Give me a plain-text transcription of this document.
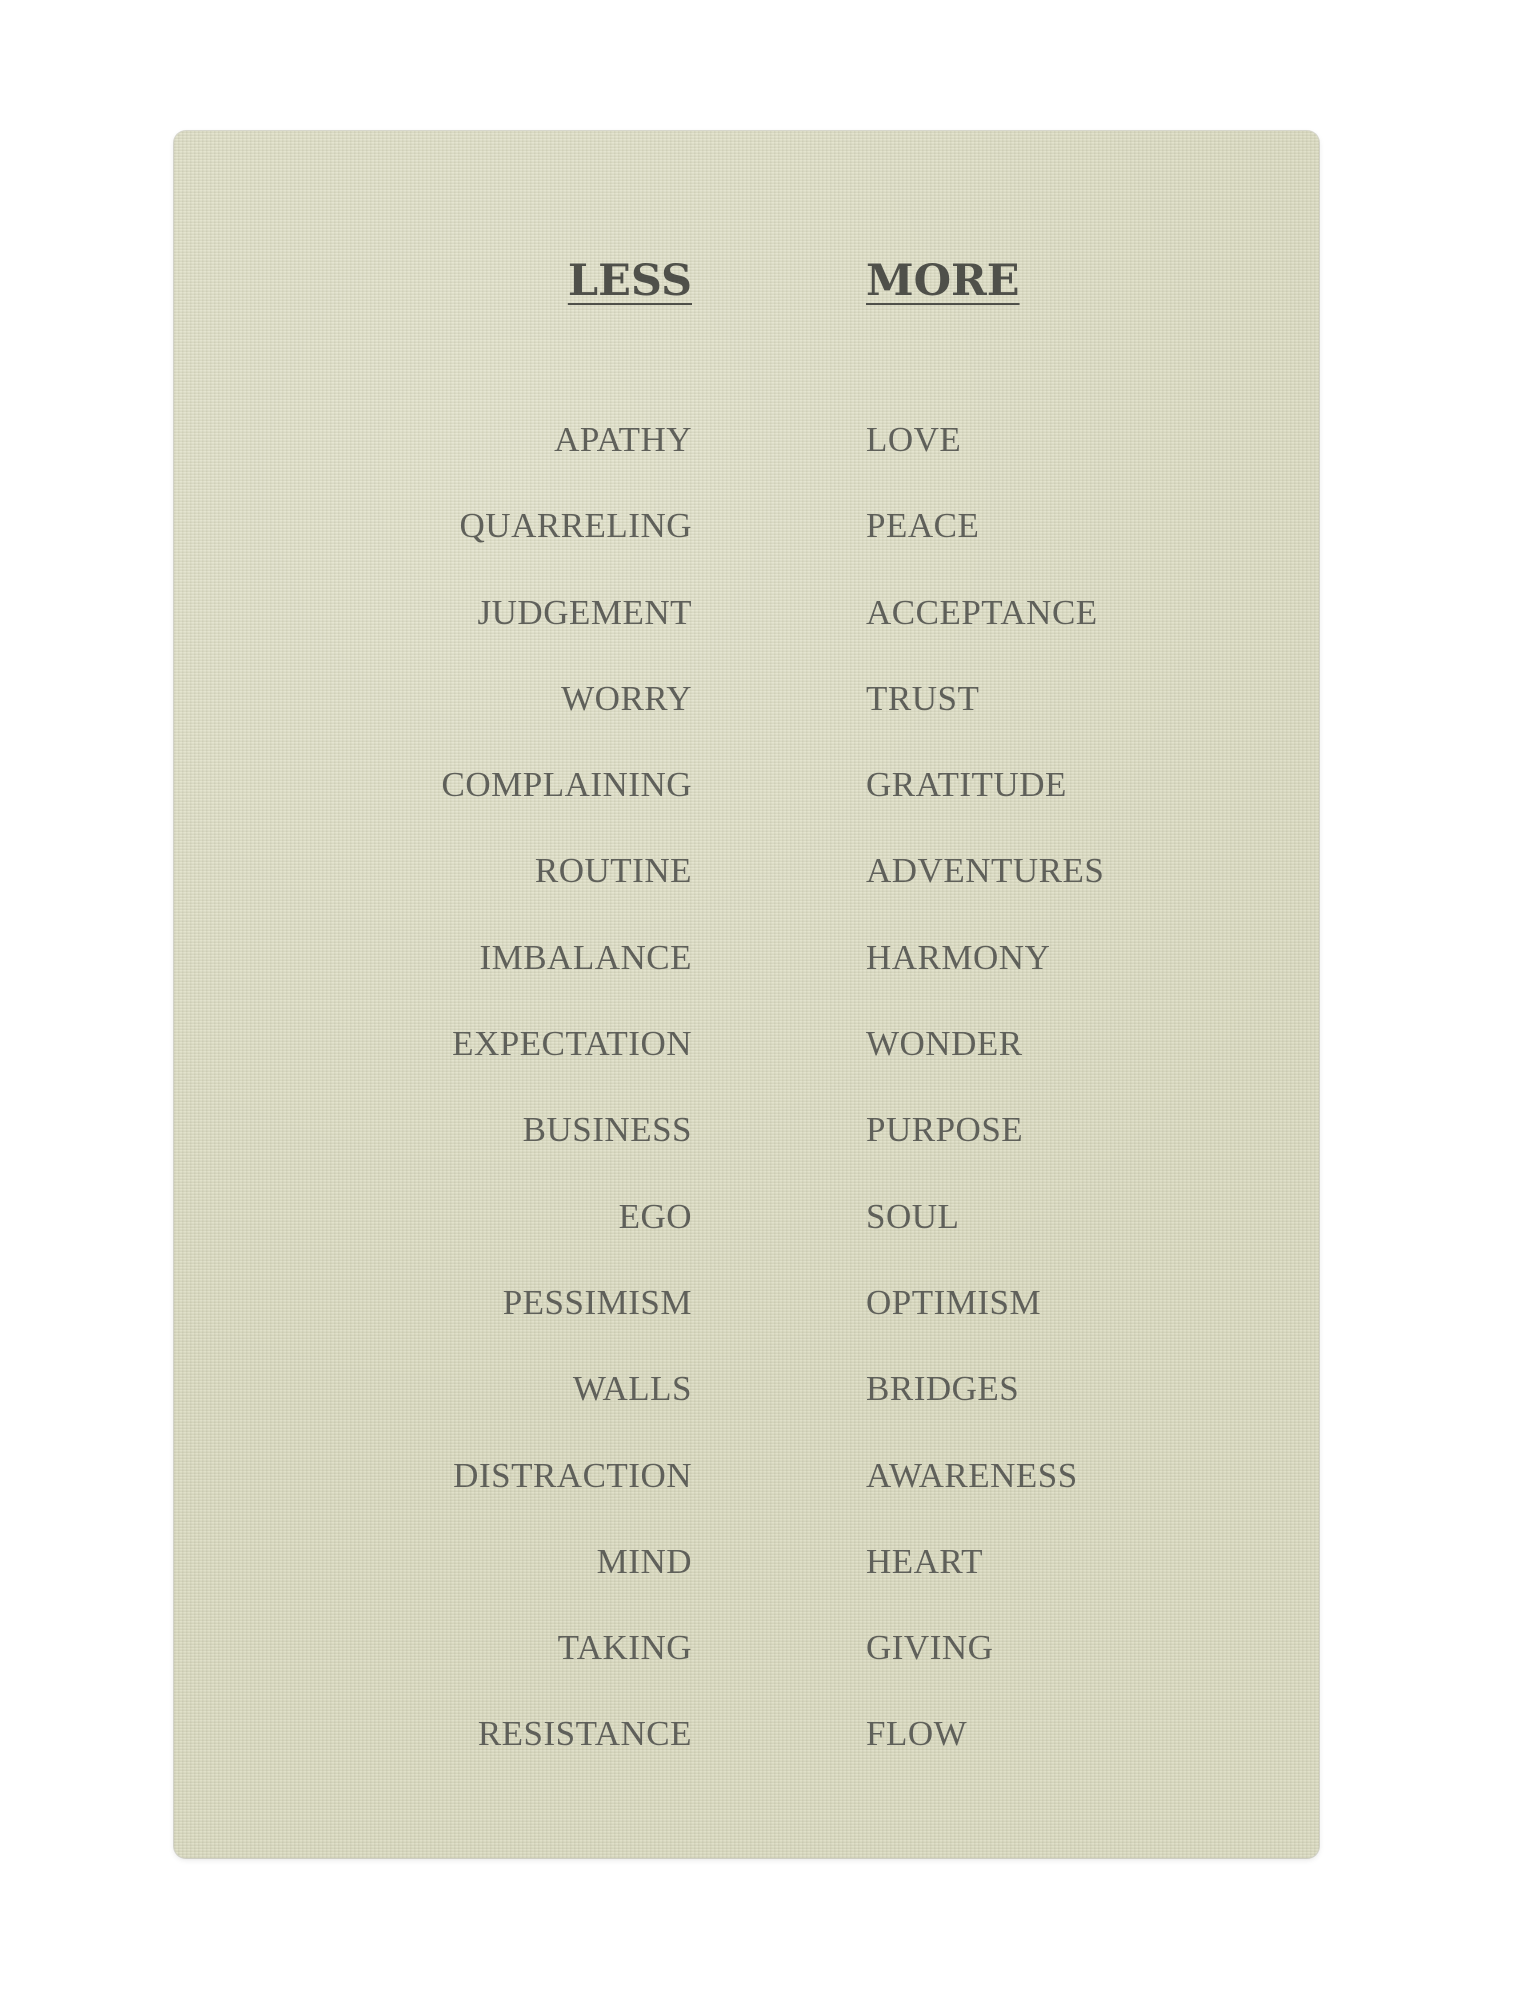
LESS	MORE
APATHY
QUARRELING
JUDGEMENT
WORRY
COMPLAINING
ROUTINE
IMBALANCE
EXPECTATION
BUSINESS
EGO
PESSIMISM
WALLS
DISTRACTION
MIND
TAKING
RESISTANCE
LOVE
PEACE
ACCEPTANCE
TRUST
GRATITUDE
ADVENTURES
HARMONY
WONDER
PURPOSE
SOUL
OPTIMISM
BRIDGES
AWARENESS
HEART
GIVING
FLOW
